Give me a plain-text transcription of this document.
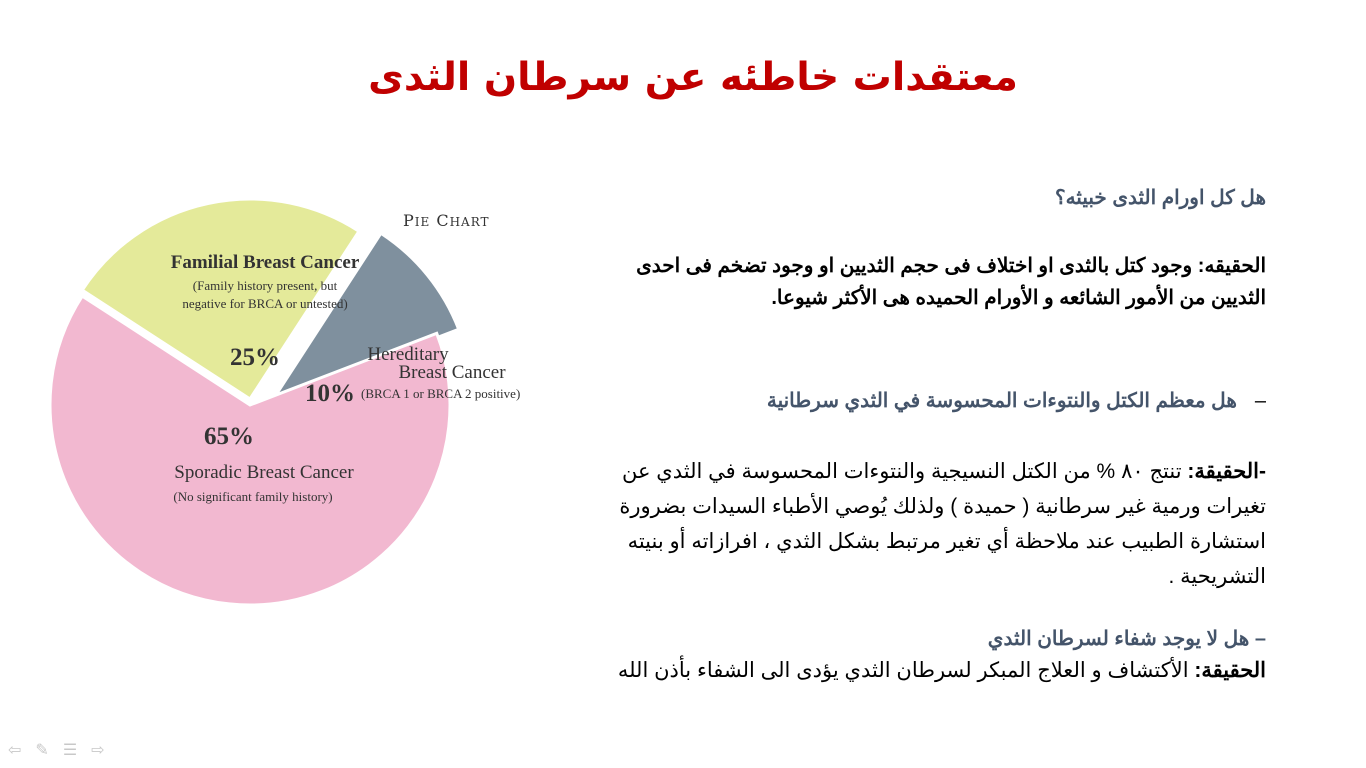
معتقدات خاطئه عن سرطان الثدى
PIE CHART
Familial Breast Cancer
(Family history present, but
negative for BRCA or untested)
25%	Hereditary
Breast Cancer
10% (BRCA 1 or BRCA 2 positive)
65%
Sporadic Breast Cancer
(No significant family history)
هل كل اورام الثدى خبيثه؟
الحقيقه: وجود كتل بالثدى او اختلاف فى حجم الثديين او وجود تضخم فى احدى الثديين من الأمور الشائعه و الأورام الحميده هى الأكثر شيوعا.
–هل معظم الكتل والنتوءات المحسوسة في الثدي سرطانية
-الحقيقة: تنتج ٨٠ % من الكتل النسيجية والنتوءات المحسوسة في الثدي عن تغيرات ورمية غير سرطانية ( حميدة ) ولذلك يُوصي الأطباء السيدات بضرورة استشارة الطبيب عند ملاحظة أي تغير مرتبط بشكل الثدي ، افرازاته أو بنيته التشريحية .
– هل لا يوجد شفاء لسرطان الثدي
الحقيقة: الأكتشاف و العلاج المبكر لسرطان الثدي يؤدى الى الشفاء بأذن الله
⇦ ✎ ☰ ⇨
